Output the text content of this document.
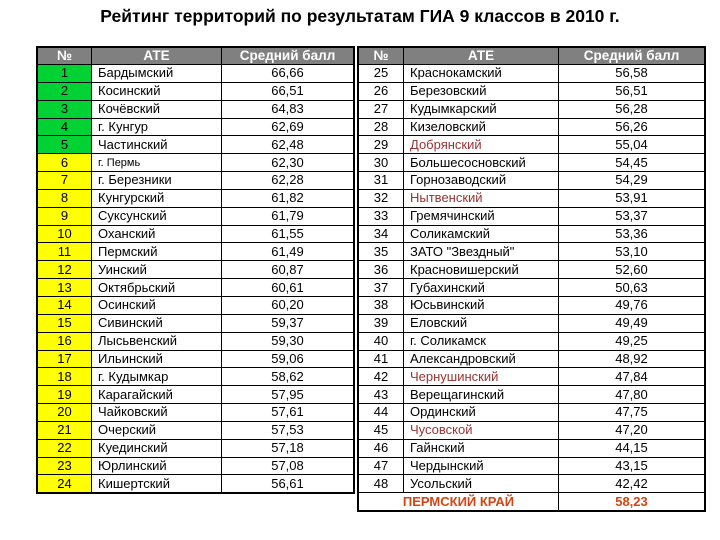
Рейтинг территорий по результатам ГИА 9 классов в 2010 г.
№	АТЕ	Средний балл
1	Бардымский	66,66
2	Косинский	66,51
3	Кочёвский	64,83
4	г. Кунгур	62,69
5	Частинский	62,48
6	г. Пермь	62,30
7	г. Березники	62,28
8	Кунгурский	61,82
9	Суксунский	61,79
10	Оханский	61,55
11	Пермский	61,49
12	Уинский	60,87
13	Октябрьский	60,61
14	Осинский	60,20
15	Сивинский	59,37
16	Лысьвенский	59,30
17	Ильинский	59,06
18	г. Кудымкар	58,62
19	Карагайский	57,95
20	Чайковский	57,61
21	Очерский	57,53
22	Куединский	57,18
23	Юрлинский	57,08
24	Кишертский	56,61
№	АТЕ	Средний балл
25	Краснокамский	56,58
26	Березовский	56,51
27	Кудымкарский	56,28
28	Кизеловский	56,26
29	Добрянский	55,04
30	Большесосновский	54,45
31	Горнозаводский	54,29
32	Нытвенский	53,91
33	Гремячинский	53,37
34	Соликамский	53,36
35	ЗАТО "Звездный"	53,10
36	Красновишерский	52,60
37	Губахинский	50,63
38	Юсьвинский	49,76
39	Еловский	49,49
40	г. Соликамск	49,25
41	Александровский	48,92
42	Чернушинский	47,84
43	Верещагинский	47,80
44	Ординский	47,75
45	Чусовской	47,20
46	Гайнский	44,15
47	Чердынский	43,15
48	Усольский	42,42
ПЕРМСКИЙ КРАЙ		58,23
